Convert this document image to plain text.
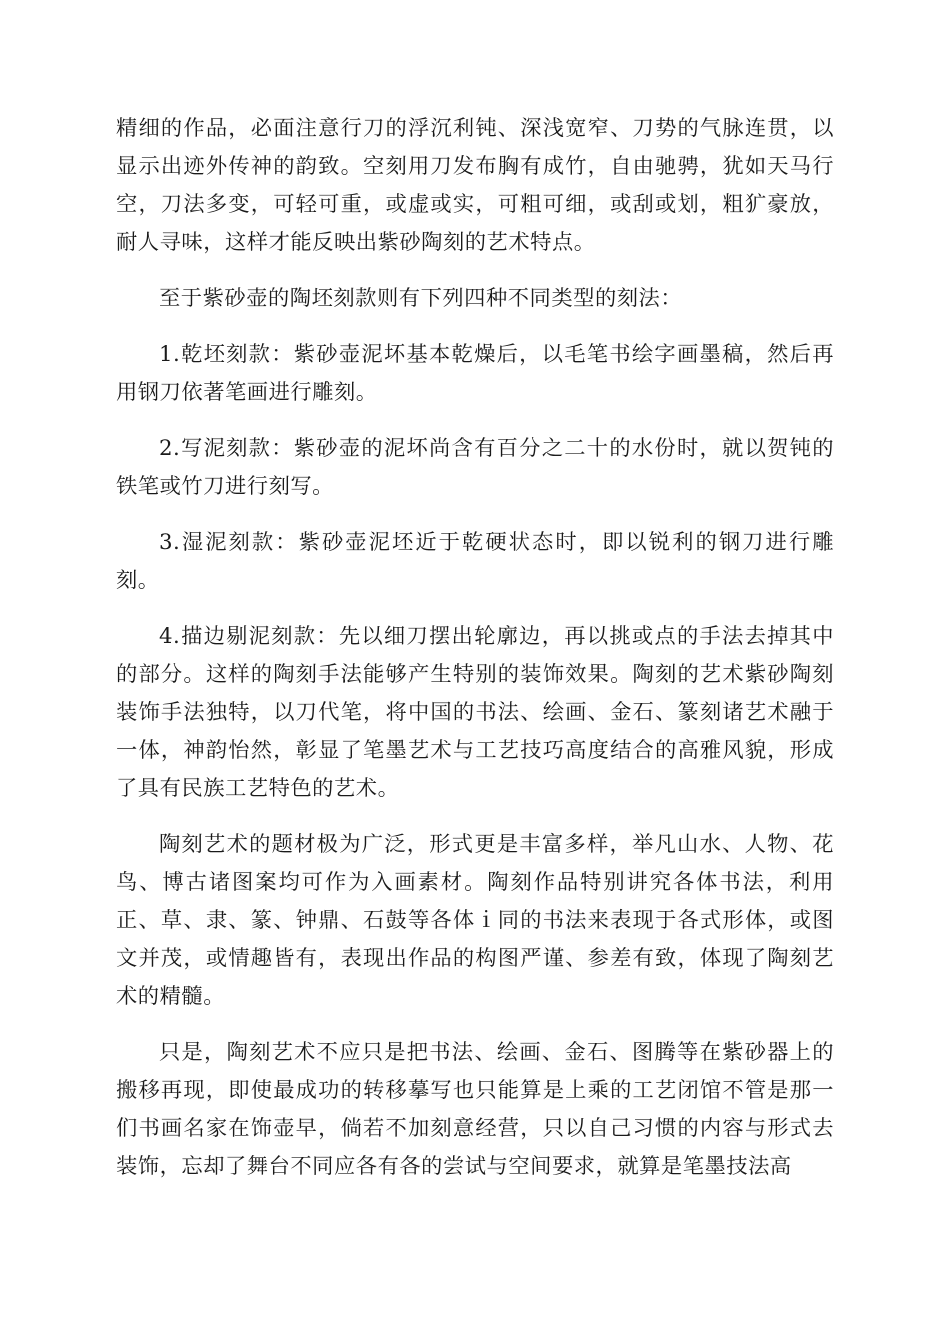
精细的作品，必面注意行刀的浮沉利钝、深浅宽窄、刀势的气脉连贯，以显示出迹外传神的韵致。空刻用刀发布胸有成竹，自由驰骋，犹如天马行空，刀法多变，可轻可重，或虚或实，可粗可细，或刮或划，粗犷豪放，耐人寻味，这样才能反映出紫砂陶刻的艺术特点。

至于紫砂壶的陶坯刻款则有下列四种不同类型的刻法：

1.乾坯刻款：紫砂壶泥坏基本乾燥后，以毛笔书绘字画墨稿，然后再用钢刀依著笔画进行雕刻。

2.写泥刻款：紫砂壶的泥坏尚含有百分之二十的水份时，就以贺钝的铁笔或竹刀进行刻写。

3.湿泥刻款：紫砂壶泥坯近于乾硬状态时，即以锐利的钢刀进行雕刻。

4.描边剔泥刻款：先以细刀摆出轮廓边，再以挑或点的手法去掉其中的部分。这样的陶刻手法能够产生特别的装饰效果。陶刻的艺术紫砂陶刻装饰手法独特，以刀代笔，将中国的书法、绘画、金石、篆刻诸艺术融于一体，神韵怡然，彰显了笔墨艺术与工艺技巧高度结合的高雅风貌，形成了具有民族工艺特色的艺术。

陶刻艺术的题材极为广泛，形式更是丰富多样，举凡山水、人物、花鸟、博古诸图案均可作为入画素材。陶刻作品特别讲究各体书法，利用正、草、隶、篆、钟鼎、石鼓等各体ｉ同的书法来表现于各式形体，或图文并茂，或情趣皆有，表现出作品的构图严谨、参差有致，体现了陶刻艺术的精髓。

只是，陶刻艺术不应只是把书法、绘画、金石、图腾等在紫砂器上的搬移再现，即使最成功的转移摹写也只能算是上乘的工艺闭馆不管是那一们书画名家在饰壶早，倘若不加刻意经营，只以自己习惯的内容与形式去装饰，忘却了舞台不同应各有各的尝试与空间要求，就算是笔墨技法高
